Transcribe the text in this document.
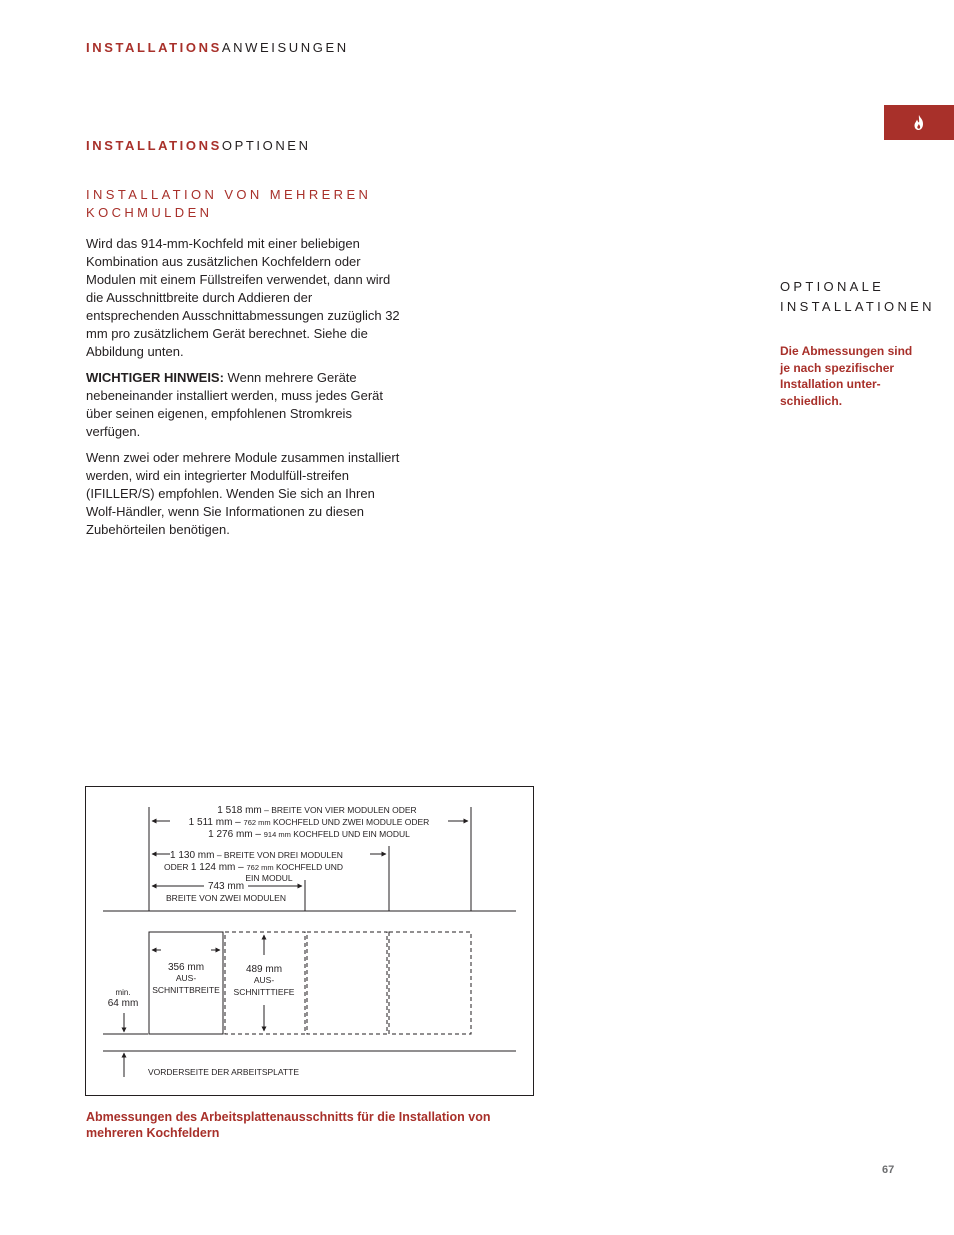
INSTALLATIONSANWEISUNGEN
INSTALLATIONSOPTIONEN
INSTALLATION VON MEHREREN
KOCHMULDEN

Wird das 914-mm-Kochfeld mit einer beliebigen Kombination aus zusätzlichen Kochfeldern oder Modulen mit einem Füllstreifen verwendet, dann wird die Ausschnittbreite durch Addieren der entsprechenden Ausschnittabmessungen zuzüglich 32 mm pro zusätzlichem Gerät berechnet. Siehe die Abbildung unten.

WICHTIGER HINWEIS: Wenn mehrere Geräte nebeneinander installiert werden, muss jedes Gerät über seinen eigenen, empfohlenen Stromkreis verfügen.

Wenn zwei oder mehrere Module zusammen installiert werden, wird ein integrierter Modulfüll-streifen (IFILLER/S) empfohlen. Wenden Sie sich an Ihren Wolf-Händler, wenn Sie Informationen zu diesen Zubehörteilen benötigen.

OPTIONALE
INSTALLATIONEN
Die Abmessungen sind
je nach spezifischer
Installation unter-
schiedlich.
1 518 mm – BREITE VON VIER MODULEN ODER
1 511 mm – 762 mm KOCHFELD UND ZWEI MODULE ODER
1 276 mm – 914 mm KOCHFELD UND EIN MODUL
1 130 mm – BREITE VON DREI MODULEN
ODER 1 124 mm – 762 mm KOCHFELD UND
EIN MODUL
743 mm
BREITE VON ZWEI MODULEN
356 mm
AUS-
SCHNITTBREITE
489 mm
AUS-
SCHNITTTIEFE
min.
64 mm
VORDERSEITE DER ARBEITSPLATTE
Abmessungen des Arbeitsplattenausschnitts für die Installation von
mehreren Kochfeldern
67
